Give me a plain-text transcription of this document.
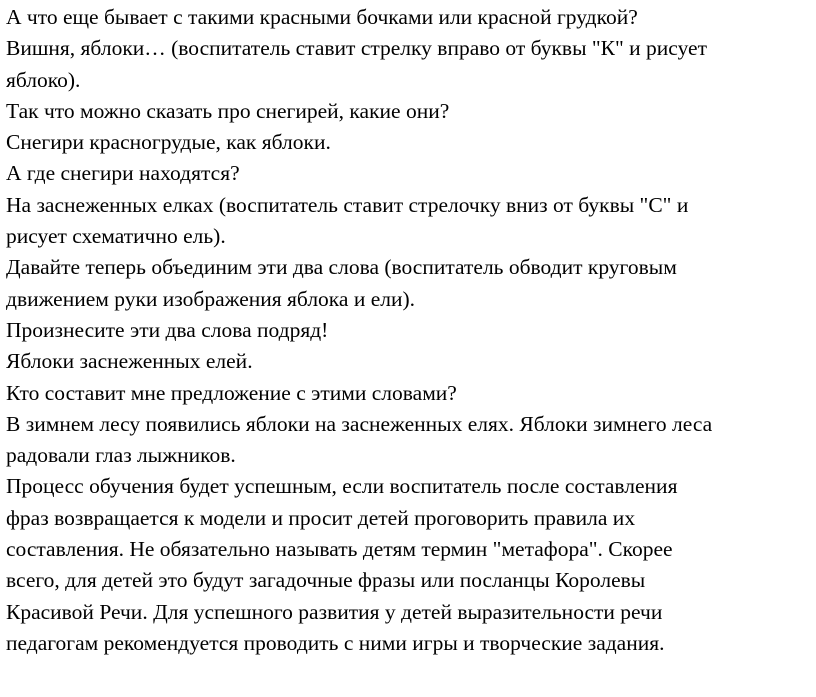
А что еще бывает с такими красными бочками или красной грудкой?
Вишня, яблоки… (воспитатель ставит стрелку вправо от буквы "К" и рисует
яблоко).
Так что можно сказать про снегирей, какие они?
Снегири красногрудые, как яблоки.
А где снегири находятся?
На заснеженных елках (воспитатель ставит стрелочку вниз от буквы "С" и
рисует схематично ель).
Давайте теперь объединим эти два слова (воспитатель обводит круговым
движением руки изображения яблока и ели).
Произнесите эти два слова подряд!
Яблоки заснеженных елей.
Кто составит мне предложение с этими словами?
В зимнем лесу появились яблоки на заснеженных елях. Яблоки зимнего леса
радовали глаз лыжников.
Процесс обучения будет успешным, если воспитатель после составления
фраз возвращается к модели и просит детей проговорить правила их
составления. Не обязательно называть детям термин "метафора". Скорее
всего, для детей это будут загадочные фразы или посланцы Королевы
Красивой Речи. Для успешного развития у детей выразительности речи
педагогам рекомендуется проводить с ними игры и творческие задания.
